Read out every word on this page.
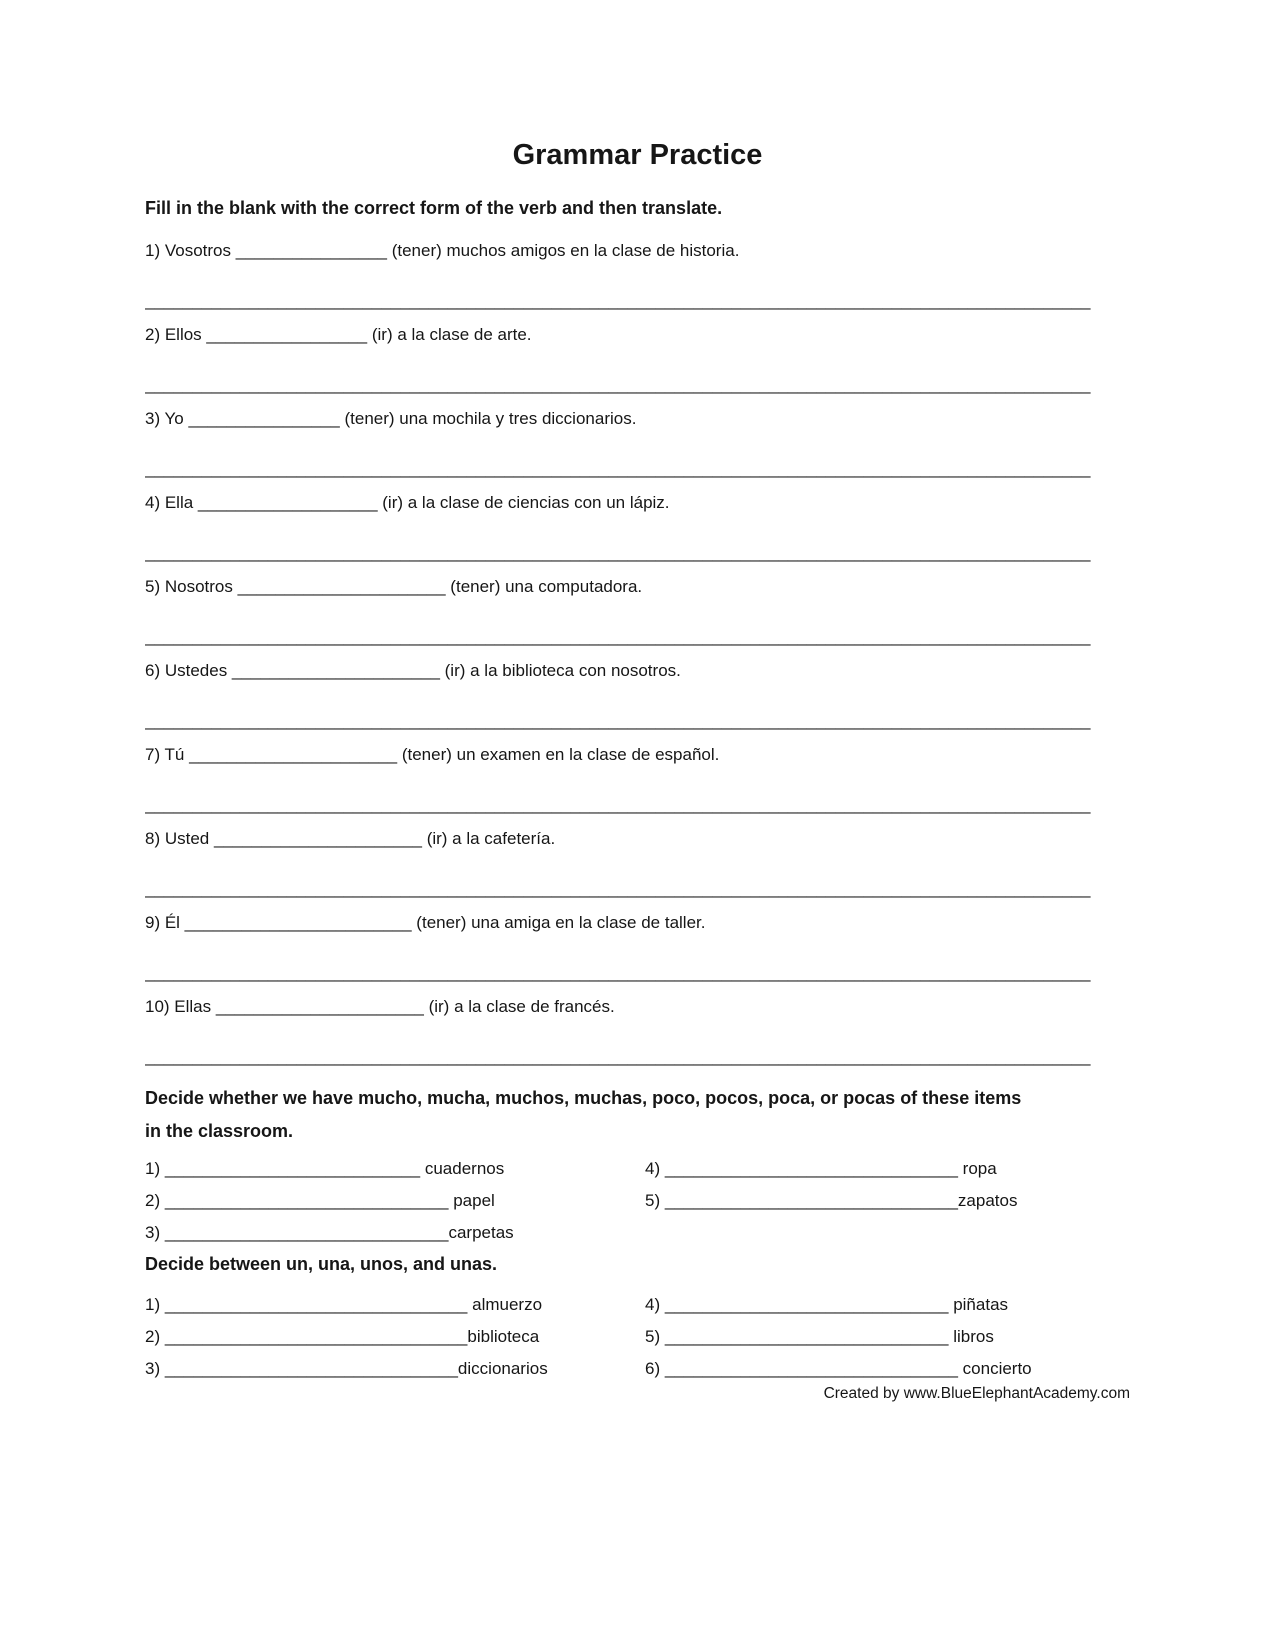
Grammar Practice

Fill in the blank with the correct form of the verb and then translate.

1) Vosotros ________________ (tener) muchos amigos en la clase de historia.

____________________________________________________________________________________________________

2) Ellos _________________ (ir) a la clase de arte.

____________________________________________________________________________________________________

3) Yo ________________ (tener) una mochila y tres diccionarios.

____________________________________________________________________________________________________

4) Ella ___________________ (ir) a la clase de ciencias con un lápiz.

____________________________________________________________________________________________________

5) Nosotros ______________________ (tener) una computadora.

____________________________________________________________________________________________________

6) Ustedes ______________________ (ir) a la biblioteca con nosotros.

____________________________________________________________________________________________________

7) Tú ______________________ (tener) un examen en la clase de español.

____________________________________________________________________________________________________

8) Usted ______________________ (ir) a la cafetería.

____________________________________________________________________________________________________

9) Él ________________________ (tener) una amiga en la clase de taller.

____________________________________________________________________________________________________

10) Ellas ______________________ (ir) a la clase de francés.

____________________________________________________________________________________________________

Decide whether we have mucho, mucha, muchos, muchas, poco, pocos, poca, or pocas of these items
in the classroom.
1) ___________________________ cuadernos
2) ______________________________ papel
3) ______________________________carpetas
4) _______________________________ ropa
5) _______________________________zapatos

Decide between un, una, unos, and unas.

1) ________________________________ almuerzo
2) ________________________________biblioteca
3) _______________________________diccionarios
4) ______________________________ piñatas
5) ______________________________ libros
6) _______________________________ concierto

Created by www.BlueElephantAcademy.com
